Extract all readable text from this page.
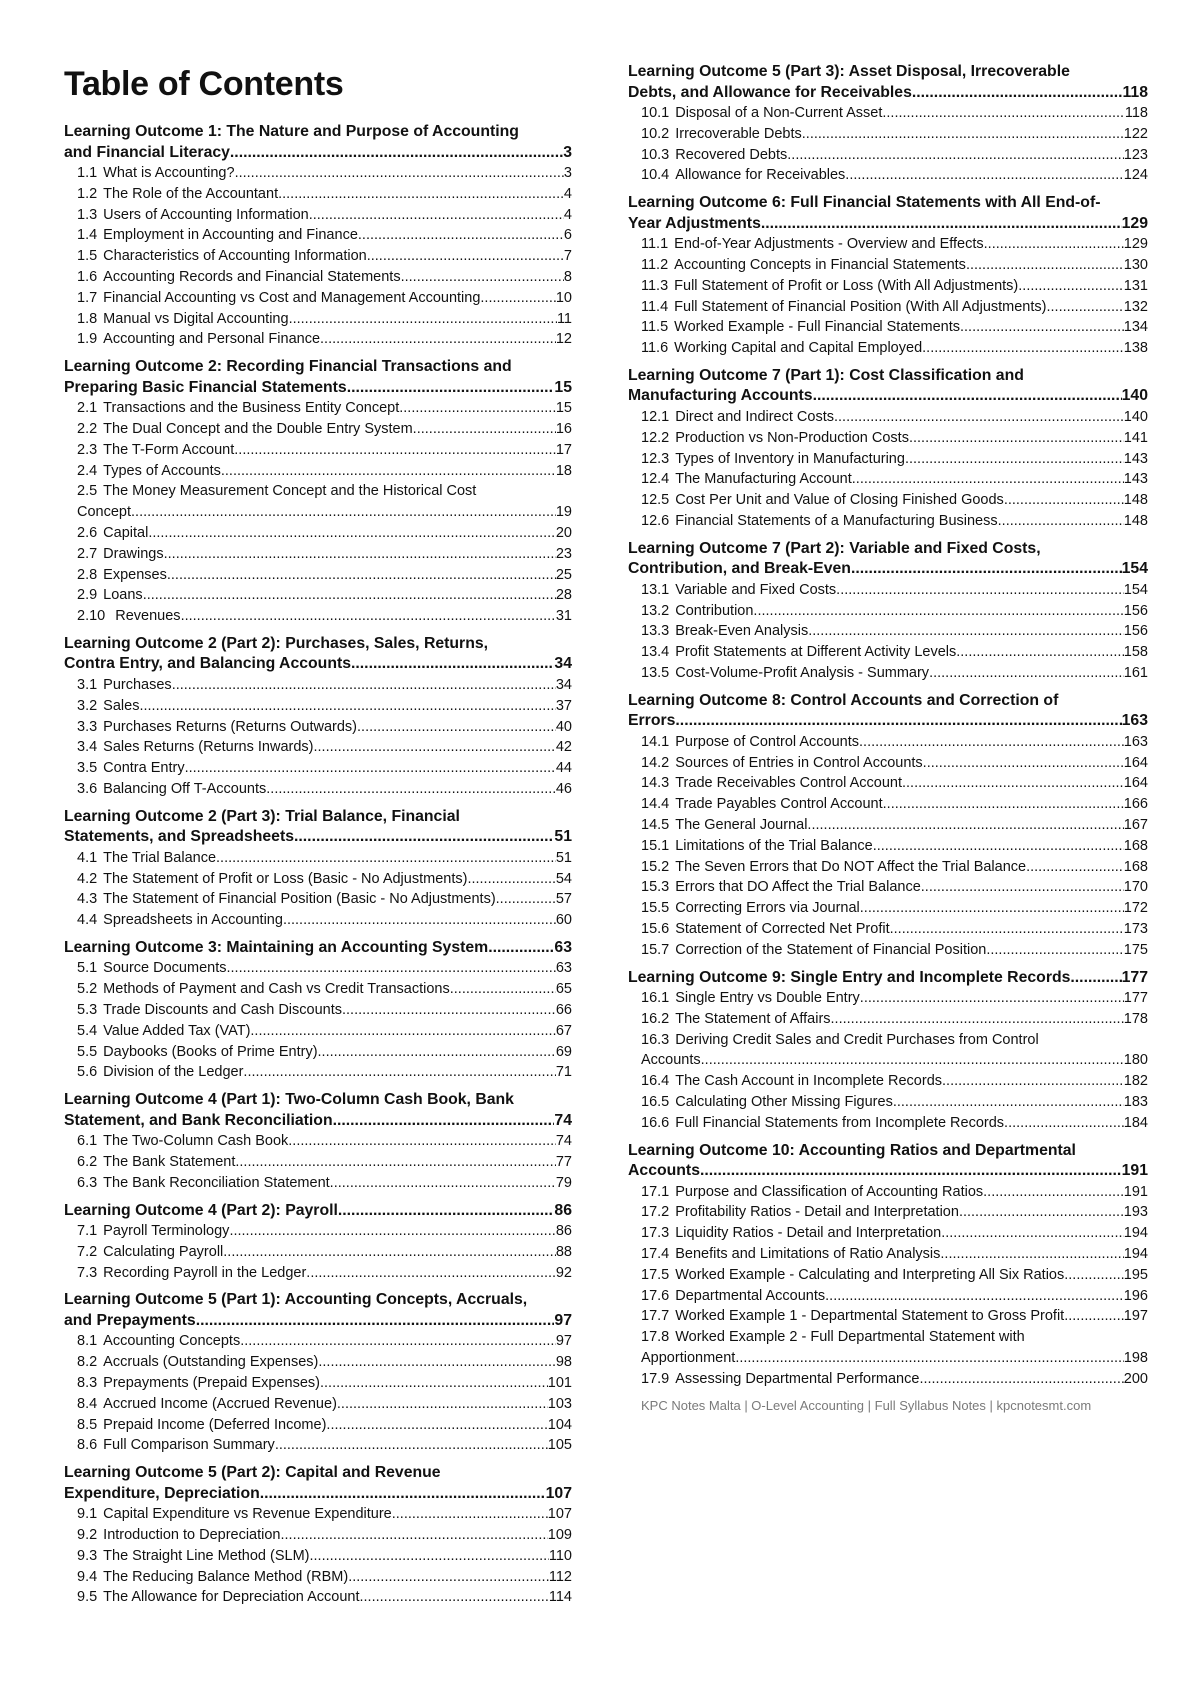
Table of Contents
Learning Outcome 1: The Nature and Purpose of Accounting
and Financial Literacy .....	3
1.1 What is Accounting? .....	3
1.2 The Role of the Accountant .....	4
1.3 Users of Accounting Information .....	4
1.4 Employment in Accounting and Finance .....	6
1.5 Characteristics of Accounting Information .....	7
1.6 Accounting Records and Financial Statements .....	8
1.7 Financial Accounting vs Cost and Management Accounting .....	10
1.8 Manual vs Digital Accounting .....	11
1.9 Accounting and Personal Finance .....	12
Learning Outcome 2: Recording Financial Transactions and
Preparing Basic Financial Statements .....	15
2.1 Transactions and the Business Entity Concept .....	15
2.2 The Dual Concept and the Double Entry System .....	16
2.3 The T-Form Account .....	17
2.4 Types of Accounts .....	18
2.5 The Money Measurement Concept and the Historical Cost
Concept .....	19
2.6 Capital .....	20
2.7 Drawings .....	23
2.8 Expenses .....	25
2.9 Loans .....	28
2.10 Revenues .....	31
Learning Outcome 2 (Part 2): Purchases, Sales, Returns,
Contra Entry, and Balancing Accounts .....	34
3.1 Purchases .....	34
3.2 Sales .....	37
3.3 Purchases Returns (Returns Outwards) .....	40
3.4 Sales Returns (Returns Inwards) .....	42
3.5 Contra Entry .....	44
3.6 Balancing Off T-Accounts .....	46
Learning Outcome 2 (Part 3): Trial Balance, Financial
Statements, and Spreadsheets .....	51
4.1 The Trial Balance .....	51
4.2 The Statement of Profit or Loss (Basic - No Adjustments) .....	54
4.3 The Statement of Financial Position (Basic - No Adjustments) .....	57
4.4 Spreadsheets in Accounting .....	60
Learning Outcome 3: Maintaining an Accounting System. .....	63
5.1 Source Documents .....	63
5.2 Methods of Payment and Cash vs Credit Transactions .....	65
5.3 Trade Discounts and Cash Discounts .....	66
5.4 Value Added Tax (VAT) .....	67
5.5 Daybooks (Books of Prime Entry) .....	69
5.6 Division of the Ledger .....	71
Learning Outcome 4 (Part 1): Two-Column Cash Book, Bank
Statement, and Bank Reconciliation .....	74
6.1 The Two-Column Cash Book .....	74
6.2 The Bank Statement .....	77
6.3 The Bank Reconciliation Statement .....	79
Learning Outcome 4 (Part 2): Payroll .....	86
7.1 Payroll Terminology .....	86
7.2 Calculating Payroll .....	88
7.3 Recording Payroll in the Ledger .....	92
Learning Outcome 5 (Part 1): Accounting Concepts, Accruals,
and Prepayments .....	97
8.1 Accounting Concepts .....	97
8.2 Accruals (Outstanding Expenses) .....	98
8.3 Prepayments (Prepaid Expenses) .....	101
8.4 Accrued Income (Accrued Revenue) .....	103
8.5 Prepaid Income (Deferred Income) .....	104
8.6 Full Comparison Summary .....	105
Learning Outcome 5 (Part 2): Capital and Revenue
Expenditure, Depreciation .....	107
9.1 Capital Expenditure vs Revenue Expenditure .....	107
9.2 Introduction to Depreciation .....	109
9.3 The Straight Line Method (SLM) .....	110
9.4 The Reducing Balance Method (RBM) .....	112
9.5 The Allowance for Depreciation Account .....	114
Learning Outcome 5 (Part 3): Asset Disposal, Irrecoverable
Debts, and Allowance for Receivables .....	118
10.1 Disposal of a Non-Current Asset .....	118
10.2 Irrecoverable Debts .....	122
10.3 Recovered Debts .....	123
10.4 Allowance for Receivables .....	124
Learning Outcome 6: Full Financial Statements with All End-of-
Year Adjustments .....	129
11.1 End-of-Year Adjustments - Overview and Effects .....	129
11.2 Accounting Concepts in Financial Statements .....	130
11.3 Full Statement of Profit or Loss (With All Adjustments) .....	131
11.4 Full Statement of Financial Position (With All Adjustments) .....	132
11.5 Worked Example - Full Financial Statements .....	134
11.6 Working Capital and Capital Employed .....	138
Learning Outcome 7 (Part 1): Cost Classification and
Manufacturing Accounts .....	140
12.1 Direct and Indirect Costs .....	140
12.2 Production vs Non-Production Costs .....	141
12.3 Types of Inventory in Manufacturing .....	143
12.4 The Manufacturing Account .....	143
12.5 Cost Per Unit and Value of Closing Finished Goods .....	148
12.6 Financial Statements of a Manufacturing Business .....	148
Learning Outcome 7 (Part 2): Variable and Fixed Costs,
Contribution, and Break-Even .....	154
13.1 Variable and Fixed Costs .....	154
13.2 Contribution .....	156
13.3 Break-Even Analysis .....	156
13.4 Profit Statements at Different Activity Levels .....	158
13.5 Cost-Volume-Profit Analysis - Summary .....	161
Learning Outcome 8: Control Accounts and Correction of
Errors .....	163
14.1 Purpose of Control Accounts .....	163
14.2 Sources of Entries in Control Accounts .....	164
14.3 Trade Receivables Control Account .....	164
14.4 Trade Payables Control Account .....	166
14.5 The General Journal .....	167
15.1 Limitations of the Trial Balance .....	168
15.2 The Seven Errors that Do NOT Affect the Trial Balance .....	168
15.3 Errors that DO Affect the Trial Balance .....	170
15.5 Correcting Errors via Journal .....	172
15.6 Statement of Corrected Net Profit .....	173
15.7 Correction of the Statement of Financial Position .....	175
Learning Outcome 9: Single Entry and Incomplete Records .....	177
16.1 Single Entry vs Double Entry .....	177
16.2 The Statement of Affairs .....	178
16.3 Deriving Credit Sales and Credit Purchases from Control
Accounts .....	180
16.4 The Cash Account in Incomplete Records .....	182
16.5 Calculating Other Missing Figures .....	183
16.6 Full Financial Statements from Incomplete Records .....	184
Learning Outcome 10: Accounting Ratios and Departmental
Accounts .....	191
17.1 Purpose and Classification of Accounting Ratios .....	191
17.2 Profitability Ratios - Detail and Interpretation .....	193
17.3 Liquidity Ratios - Detail and Interpretation .....	194
17.4 Benefits and Limitations of Ratio Analysis .....	194
17.5 Worked Example - Calculating and Interpreting All Six Ratios .....	195
17.6 Departmental Accounts .....	196
17.7 Worked Example 1 - Departmental Statement to Gross Profit .....	197
17.8 Worked Example 2 - Full Departmental Statement with
Apportionment .....	198
17.9 Assessing Departmental Performance .....	200
KPC Notes Malta | O-Level Accounting | Full Syllabus Notes | kpcnotesmt.com
